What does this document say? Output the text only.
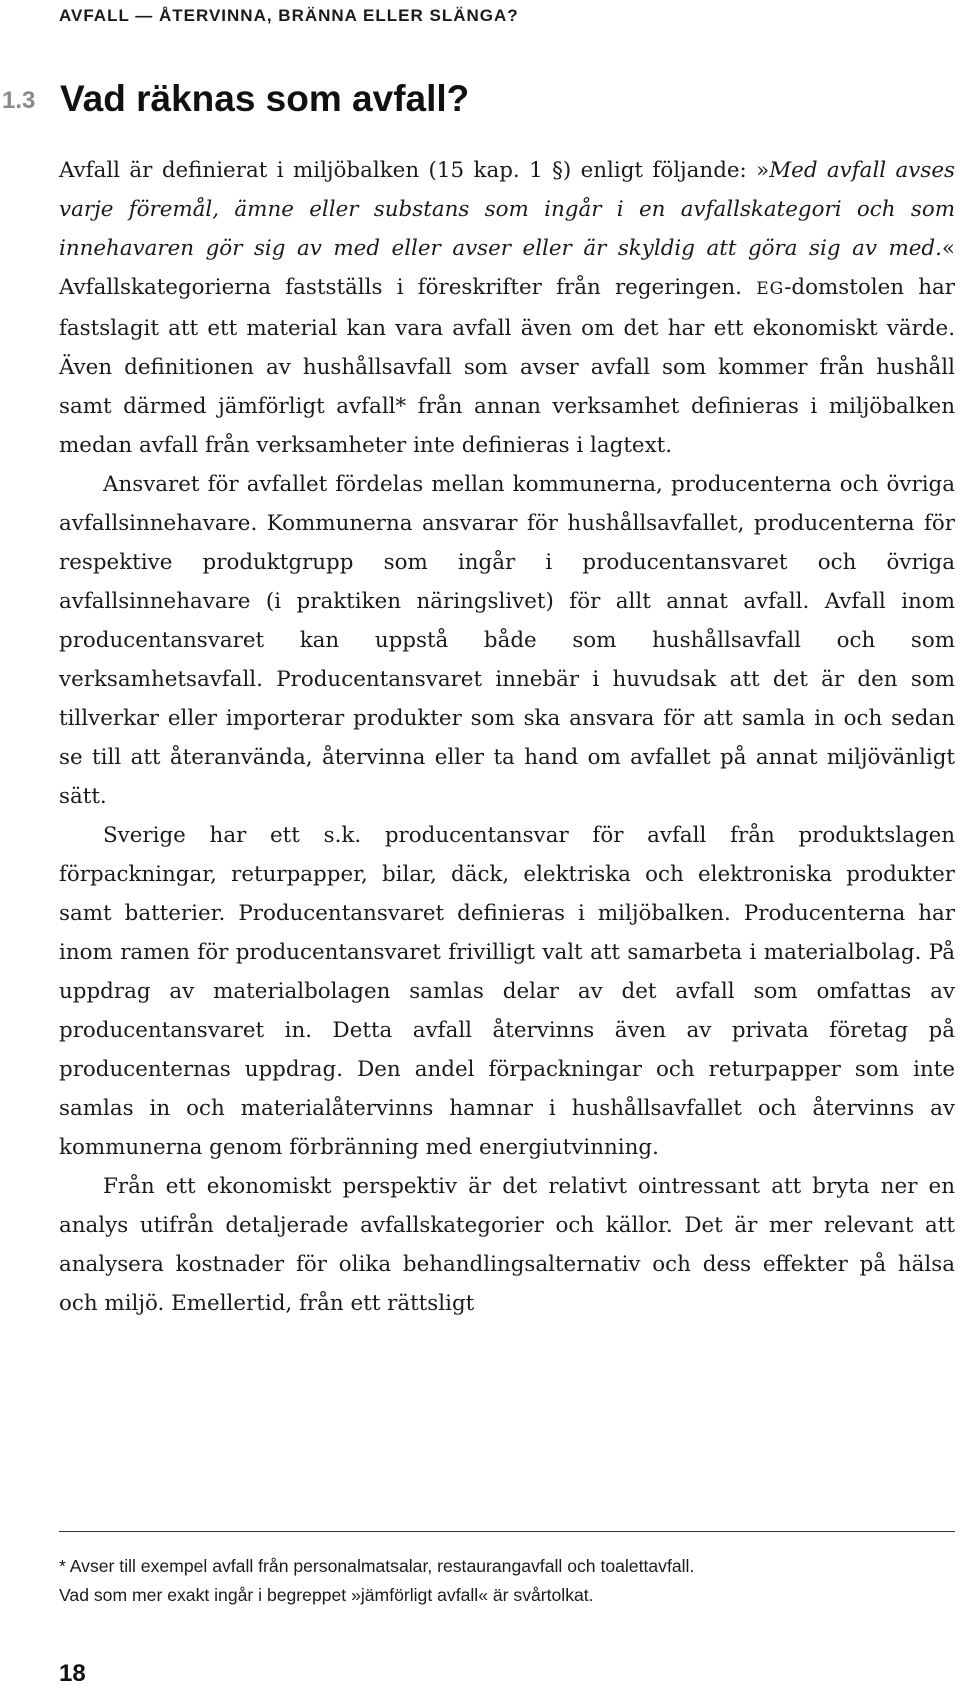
AVFALL — ÅTERVINNA, BRÄNNA ELLER SLÄNGA?
1.3 Vad räknas som avfall?

Avfall är definierat i miljöbalken (15 kap. 1 §) enligt följande: »Med avfall avses varje föremål, ämne eller substans som ingår i en avfallskategori och som innehavaren gör sig av med eller avser eller är skyldig att göra sig av med.« Avfallskategorierna fastställs i föreskrifter från regeringen. EG-domstolen har fastslagit att ett material kan vara avfall även om det har ett ekonomiskt värde. Även definitionen av hushållsavfall som avser avfall som kommer från hushåll samt därmed jämförligt avfall* från annan verksamhet definieras i miljöbalken medan avfall från verksamheter inte definieras i lagtext.

Ansvaret för avfallet fördelas mellan kommunerna, producenterna och övriga avfallsinnehavare. Kommunerna ansvarar för hushållsavfallet, producenterna för respektive produktgrupp som ingår i producentansvaret och övriga avfallsinnehavare (i praktiken näringslivet) för allt annat avfall. Avfall inom producentansvaret kan uppstå både som hushållsavfall och som verksamhetsavfall. Producentansvaret innebär i huvudsak att det är den som tillverkar eller importerar produkter som ska ansvara för att samla in och sedan se till att återanvända, återvinna eller ta hand om avfallet på annat miljövänligt sätt.

Sverige har ett s.k. producentansvar för avfall från produktslagen förpackningar, returpapper, bilar, däck, elektriska och elektroniska produkter samt batterier. Producentansvaret definieras i miljöbalken. Producenterna har inom ramen för producentansvaret frivilligt valt att samarbeta i materialbolag. På uppdrag av materialbolagen samlas delar av det avfall som omfattas av producentansvaret in. Detta avfall återvinns även av privata företag på producenternas uppdrag. Den andel förpackningar och returpapper som inte samlas in och materialåtervinns hamnar i hushållsavfallet och återvinns av kommunerna genom förbränning med energiutvinning.

Från ett ekonomiskt perspektiv är det relativt ointressant att bryta ner en analys utifrån detaljerade avfallskategorier och källor. Det är mer relevant att analysera kostnader för olika behandlingsalternativ och dess effekter på hälsa och miljö. Emellertid, från ett rättsligt

* Avser till exempel avfall från personalmatsalar, restaurangavfall och toalettavfall.

Vad som mer exakt ingår i begreppet »jämförligt avfall« är svårtolkat.

18
